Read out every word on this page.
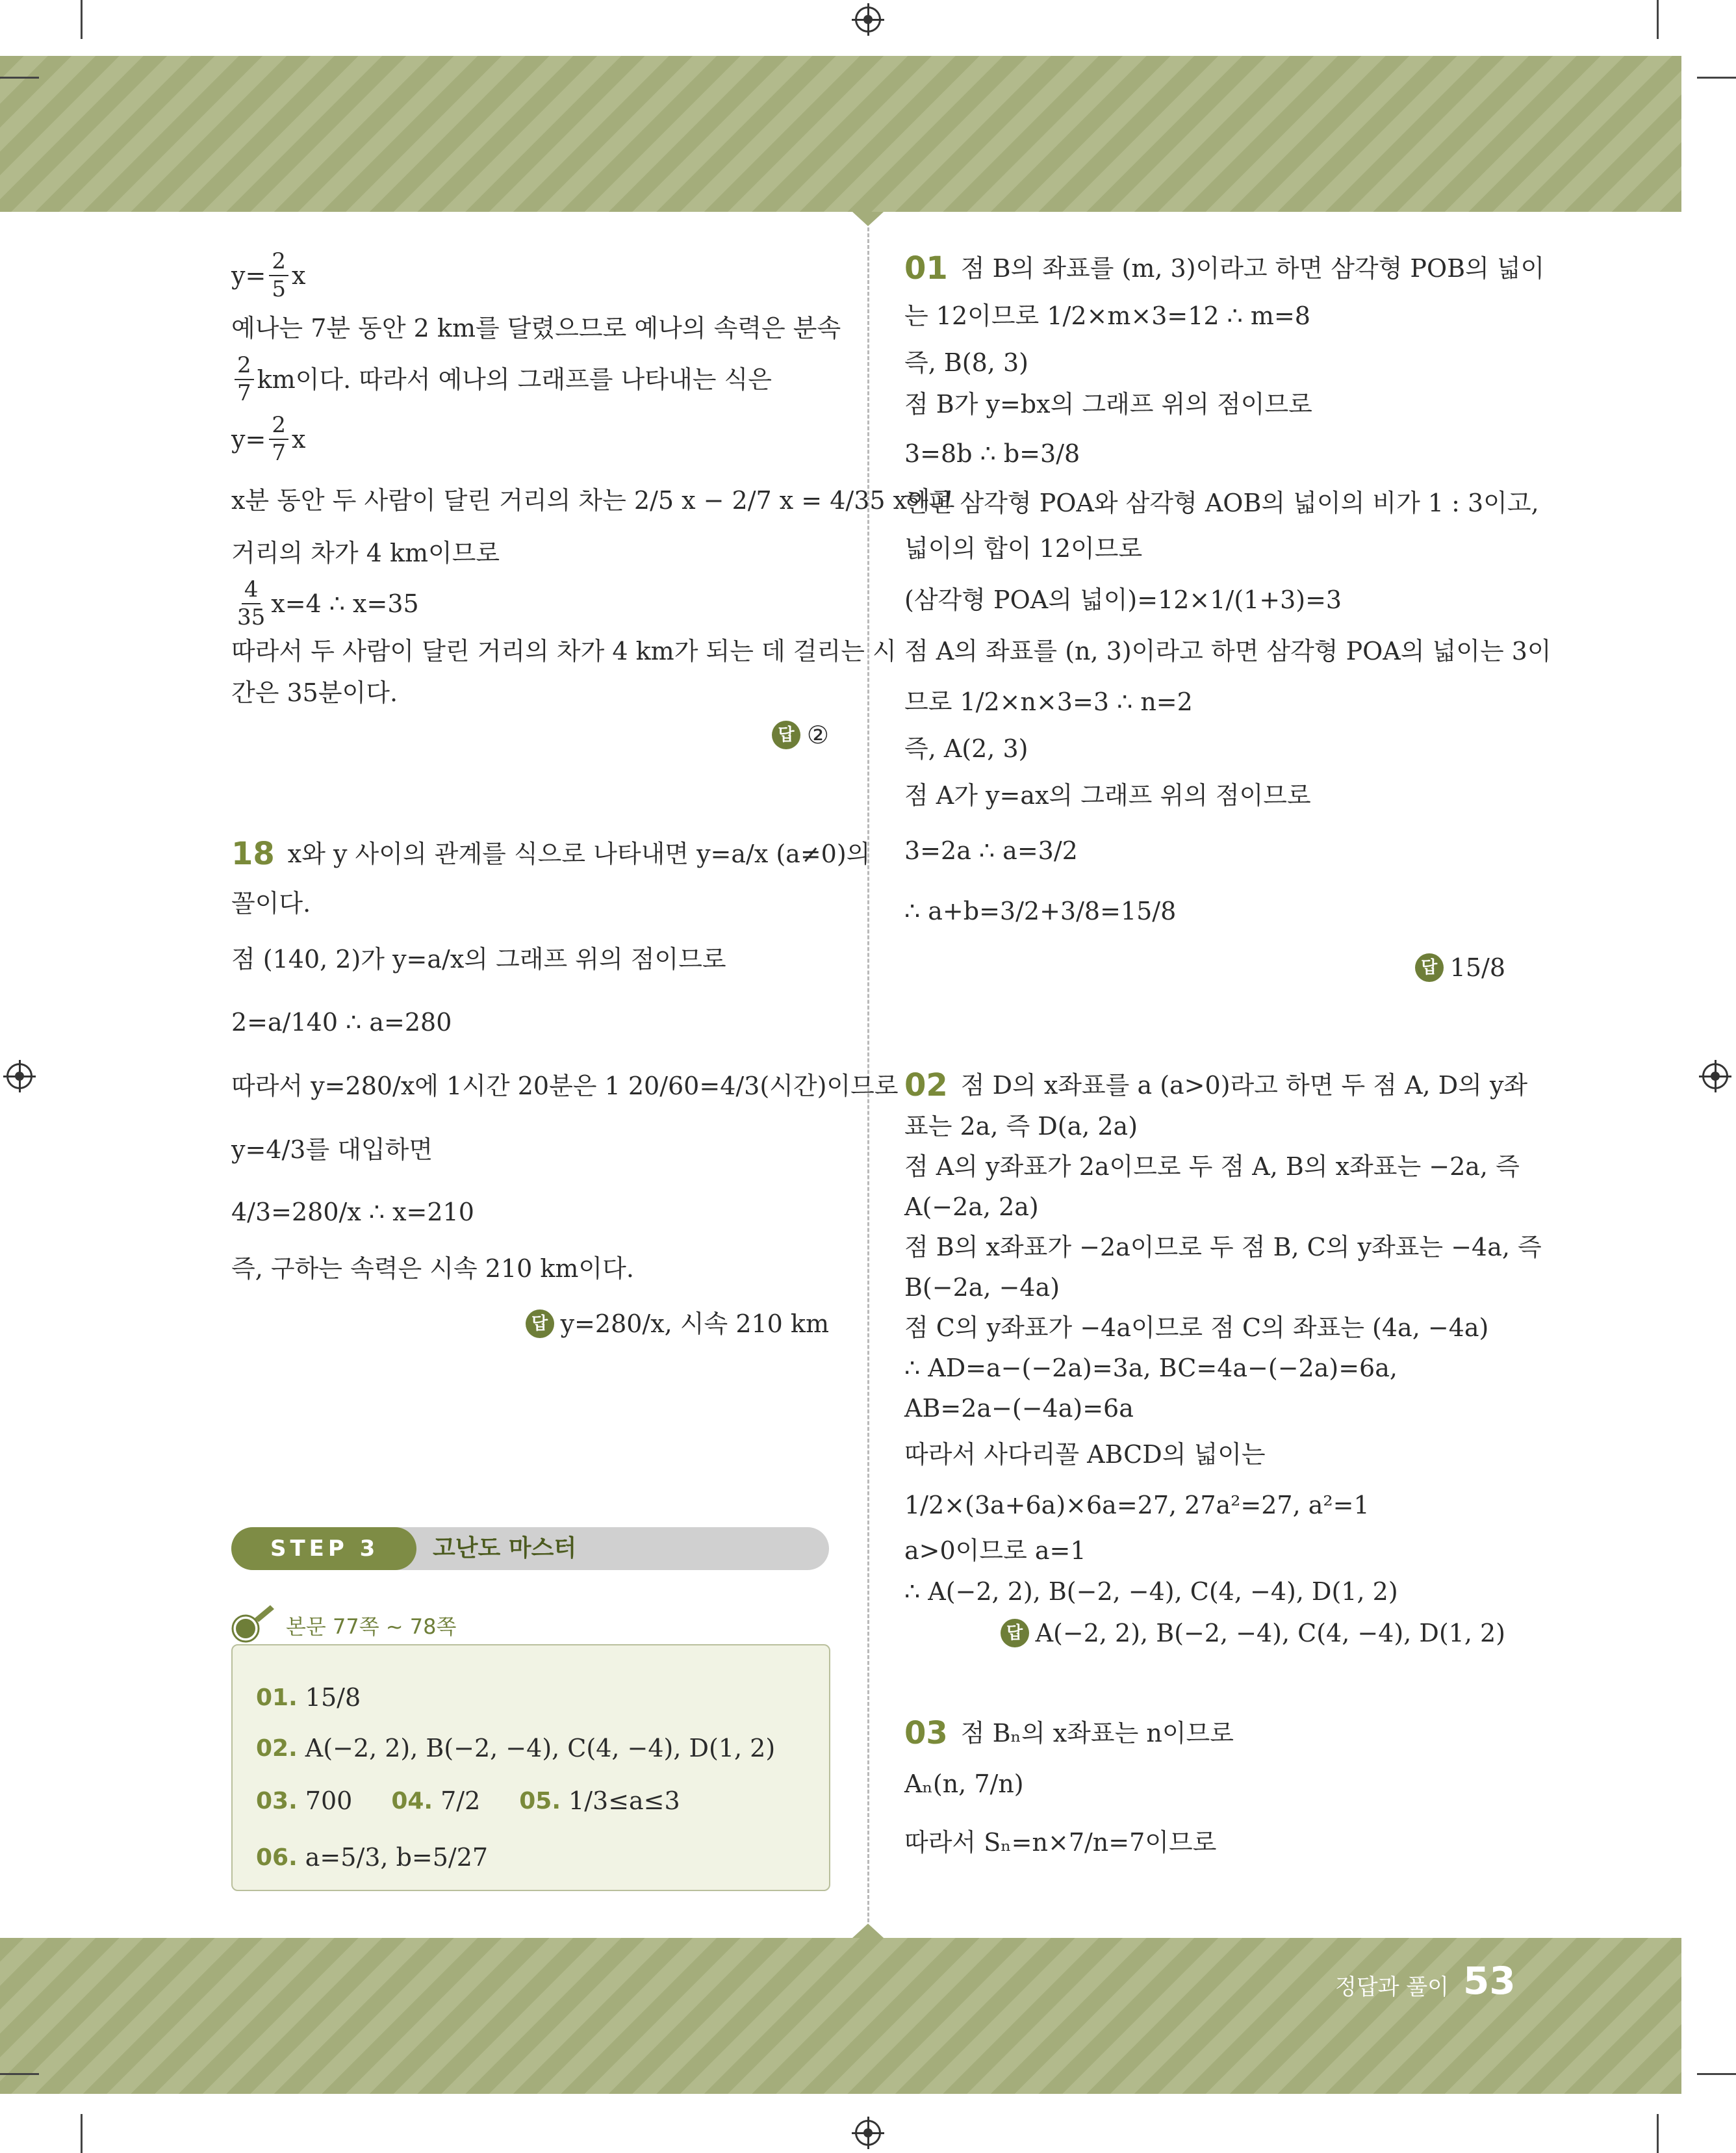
$y= \frac{2}{5}$ x
예나는 7분 동안 2 km를 달렸으므로 예나의 속력은 분속
$\frac{2}{7}$ km이다. 따라서 예나의 그래프를 나타내는 식은
$y= \frac{2}{7}$ x
x분 동안 두 사람이 달린 거리의 차는 2/5 x − 2/7 x = 4/35 x이고
거리의 차가 4 km이므로
$\frac{4}{35} x=4$ ∴ x=35
따라서 두 사람이 달린 거리의 차가 4 km가 되는 데 걸리는 시
간은 35분이다.
답 ②
18 x와 y 사이의 관계를 식으로 나타내면 y=a/x (a≠0)의
꼴이다.
점 (140, 2)가 y=a/x의 그래프 위의 점이므로
2=a/140 ∴ a=280
따라서 y=280/x에 1시간 20분은 1 20/60=4/3(시간)이므로
y=4/3를 대입하면
4/3=280/x ∴ x=210
즉, 구하는 속력은 시속 210 km이다.
답 y=280/x, 시속 210 km
STEP 3	고난도 마스터
본문 77쪽 ~ 78쪽
01. 15/8
02. A(−2, 2), B(−2, −4), C(4, −4), D(1, 2)
03. 700 04. 7/2 05. 1/3≤a≤3
06. a=5/3, b=5/27
01 점 B의 좌표를 (m, 3)이라고 하면 삼각형 POB의 넓이
는 12이므로 1/2×m×3=12 ∴ m=8
즉, B(8, 3)
점 B가 y=bx의 그래프 위의 점이므로
3=8b ∴ b=3/8
한편 삼각형 POA와 삼각형 AOB의 넓이의 비가 1 : 3이고,
넓이의 합이 12이므로
(삼각형 POA의 넓이)=12×1/(1+3)=3
점 A의 좌표를 (n, 3)이라고 하면 삼각형 POA의 넓이는 3이
므로 1/2×n×3=3 ∴ n=2
즉, A(2, 3)
점 A가 y=ax의 그래프 위의 점이므로
3=2a ∴ a=3/2
∴ a+b=3/2+3/8=15/8
답 15/8
02 점 D의 x좌표를 a (a>0)라고 하면 두 점 A, D의 y좌
표는 2a, 즉 D(a, 2a)
점 A의 y좌표가 2a이므로 두 점 A, B의 x좌표는 −2a, 즉
A(−2a, 2a)
점 B의 x좌표가 −2a이므로 두 점 B, C의 y좌표는 −4a, 즉
B(−2a, −4a)
점 C의 y좌표가 −4a이므로 점 C의 좌표는 (4a, −4a)
∴ AD=a−(−2a)=3a, BC=4a−(−2a)=6a,
AB=2a−(−4a)=6a
따라서 사다리꼴 ABCD의 넓이는
1/2×(3a+6a)×6a=27, 27a²=27, a²=1
a>0이므로 a=1
∴ A(−2, 2), B(−2, −4), C(4, −4), D(1, 2)
답 A(−2, 2), B(−2, −4), C(4, −4), D(1, 2)
03 점 Bₙ의 x좌표는 n이므로
Aₙ(n, 7/n)
따라서 Sₙ=n×7/n=7이므로
정답과 풀이 53
